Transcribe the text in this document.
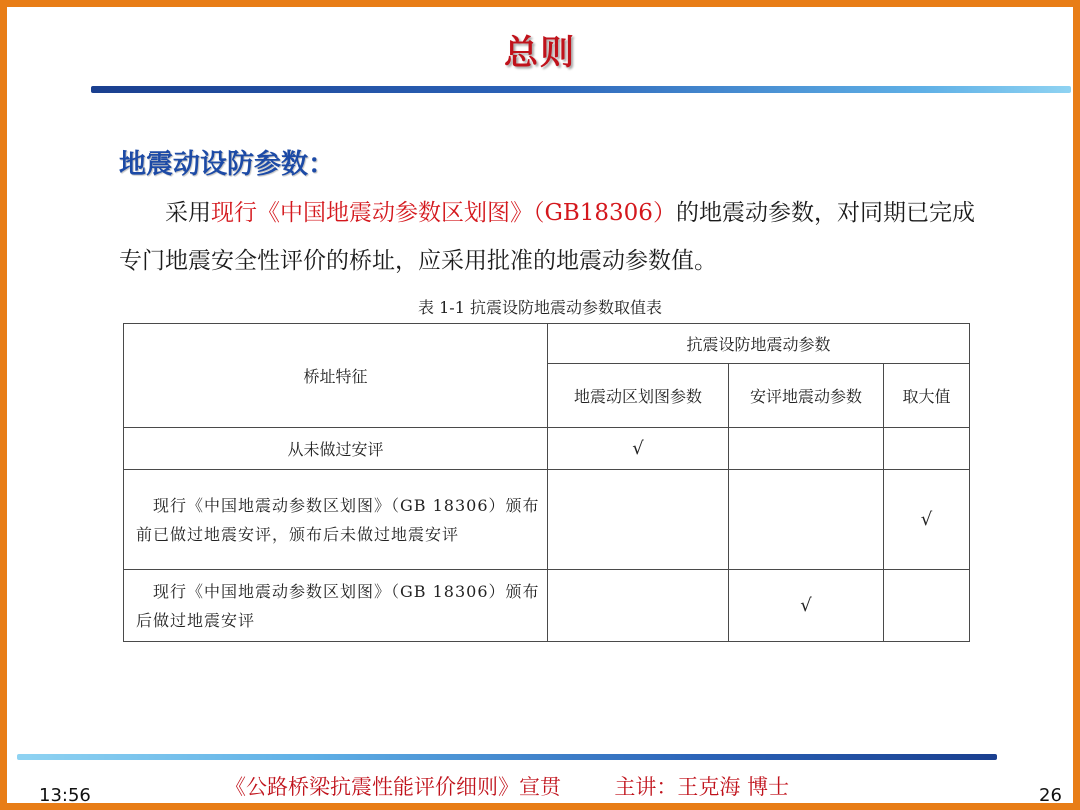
总则
地震动设防参数：
　　采用现行《中国地震动参数区划图》（GB18306）的地震动参数，对同期已完成专门地震安全性评价的桥址，应采用批准的地震动参数值。
表 1-1 抗震设防地震动参数取值表
桥址特征	抗震设防地震动参数		
	地震动区划图参数	安评地震动参数	取大值
从未做过安评	√		
　现行《中国地震动参数区划图》（GB 18306）颁布前已做过地震安评，颁布后未做过地震安评			√
　现行《中国地震动参数区划图》（GB 18306）颁布后做过地震安评		√	
13:56	《公路桥梁抗震性能评价细则》宣贯	主讲：王克海 博士	26
